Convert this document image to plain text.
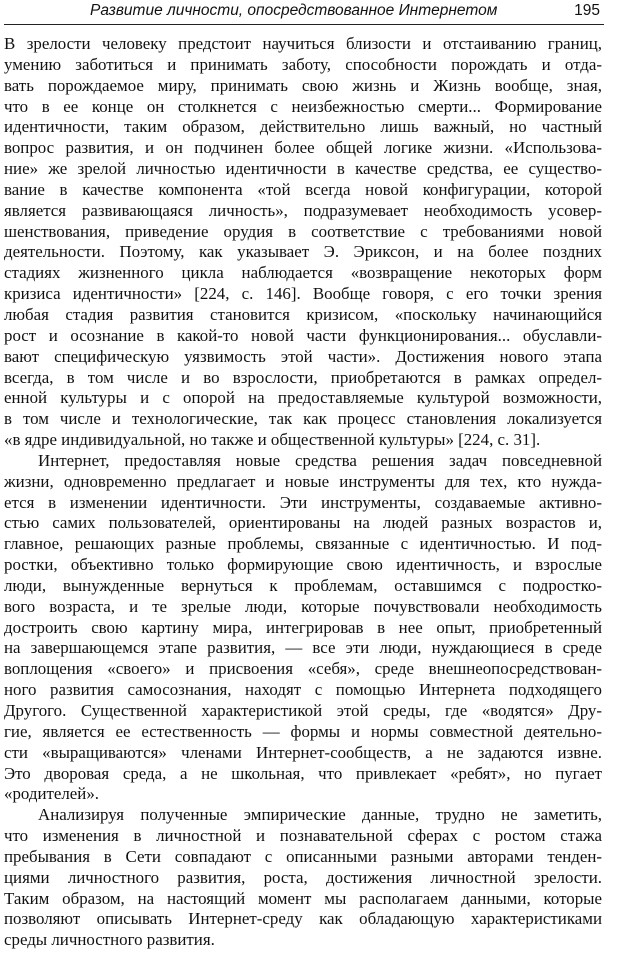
Развитие личности, опосредствованное Интернетом	195

В зрелости человеку предстоит научиться близости и отстаиванию границ,
умению заботиться и принимать заботу, способности порождать и отда-
вать порождаемое миру, принимать свою жизнь и Жизнь вообще, зная,
что в ее конце он столкнется с неизбежностью смерти... Формирование
идентичности, таким образом, действительно лишь важный, но частный
вопрос развития, и он подчинен более общей логике жизни. «Использова-
ние» же зрелой личностью идентичности в качестве средства, ее существо-
вание в качестве компонента «той всегда новой конфигурации, которой
является развивающаяся личность», подразумевает необходимость усовер-
шенствования, приведение орудия в соответствие с требованиями новой
деятельности. Поэтому, как указывает Э. Эриксон, и на более поздних
стадиях жизненного цикла наблюдается «возвращение некоторых форм
кризиса идентичности» [224, с. 146]. Вообще говоря, с его точки зрения
любая стадия развития становится кризисом, «поскольку начинающийся
рост и осознание в какой-то новой части функционирования... обуславли-
вают специфическую уязвимость этой части». Достижения нового этапа
всегда, в том числе и во взрослости, приобретаются в рамках определ-
енной культуры и с опорой на предоставляемые культурой возможности,
в том числе и технологические, так как процесс становления локализуется
«в ядре индивидуальной, но также и общественной культуры» [224, с. 31].

Интернет, предоставляя новые средства решения задач повседневной
жизни, одновременно предлагает и новые инструменты для тех, кто нужда-
ется в изменении идентичности. Эти инструменты, создаваемые активно-
стью самих пользователей, ориентированы на людей разных возрастов и,
главное, решающих разные проблемы, связанные с идентичностью. И под-
ростки, объективно только формирующие свою идентичность, и взрослые
люди, вынужденные вернуться к проблемам, оставшимся с подростко-
вого возраста, и те зрелые люди, которые почувствовали необходимость
достроить свою картину мира, интегрировав в нее опыт, приобретенный
на завершающемся этапе развития, — все эти люди, нуждающиеся в среде
воплощения «своего» и присвоения «себя», среде внешнеопосредствован-
ного развития самосознания, находят с помощью Интернета подходящего
Другого. Существенной характеристикой этой среды, где «водятся» Дру-
гие, является ее естественность — формы и нормы совместной деятельно-
сти «выращиваются» членами Интернет-сообществ, а не задаются извне.
Это дворовая среда, а не школьная, что привлекает «ребят», но пугает
«родителей».

Анализируя полученные эмпирические данные, трудно не заметить,
что изменения в личностной и познавательной сферах с ростом стажа
пребывания в Сети совпадают с описанными разными авторами тенден-
циями личностного развития, роста, достижения личностной зрелости.
Таким образом, на настоящий момент мы располагаем данными, которые
позволяют описывать Интернет-среду как обладающую характеристиками
среды личностного развития.
